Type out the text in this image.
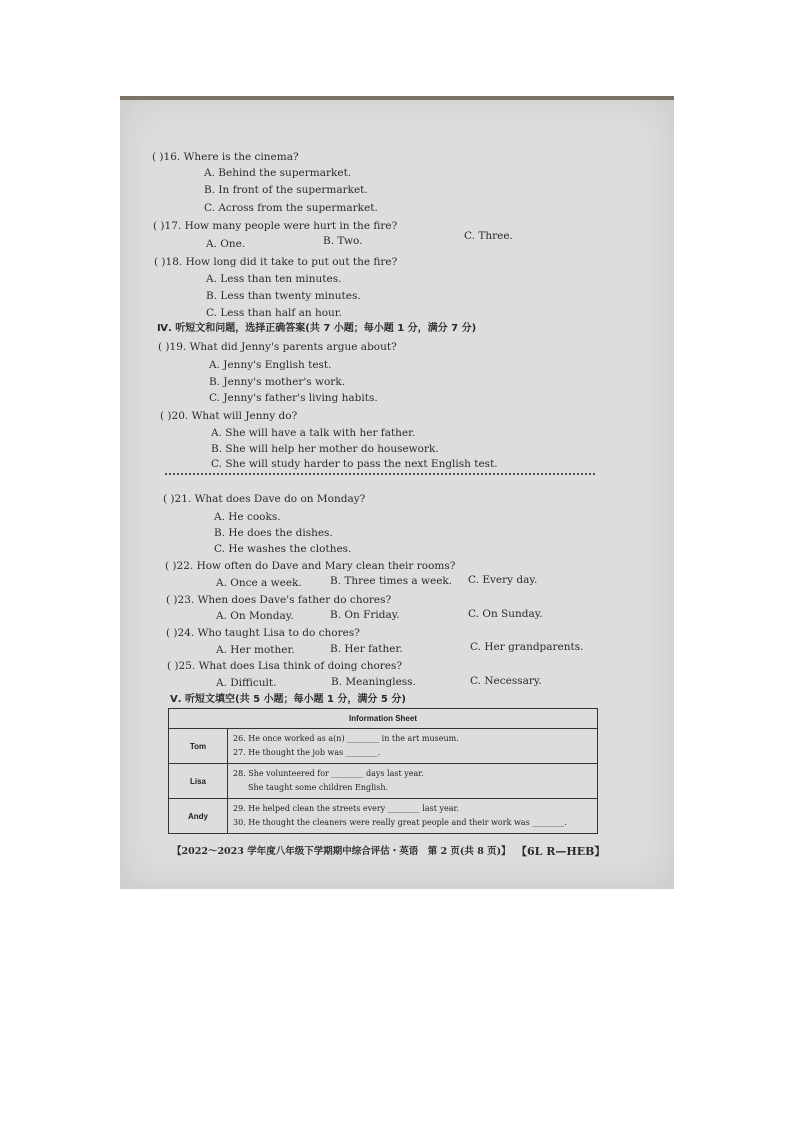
( )16. Where is the cinema?
A. Behind the supermarket.
B. In front of the supermarket.
C. Across from the supermarket.
( )17. How many people were hurt in the fire?
A. One.	B. Two.	C. Three.
( )18. How long did it take to put out the fire?
A. Less than ten minutes.
B. Less than twenty minutes.
C. Less than half an hour.
Ⅳ. 听短文和问题，选择正确答案(共 7 小题；每小题 1 分，满分 7 分)
( )19. What did Jenny's parents argue about?
A. Jenny's English test.
B. Jenny's mother's work.
C. Jenny's father's living habits.
( )20. What will Jenny do?
A. She will have a talk with her father.
B. She will help her mother do housework.
C. She will study harder to pass the next English test.
( )21. What does Dave do on Monday?
A. He cooks.
B. He does the dishes.
C. He washes the clothes.
( )22. How often do Dave and Mary clean their rooms?
A. Once a week.	B. Three times a week. C. Every day.
( )23. When does Dave's father do chores?
A. On Monday.	B. On Friday.	C. On Sunday.
( )24. Who taught Lisa to do chores?
A. Her mother.	B. Her father.	C. Her grandparents.
( )25. What does Lisa think of doing chores?
A. Difficult.	B. Meaningless.	C. Necessary.
Ⅴ. 听短文填空(共 5 小题；每小题 1 分，满分 5 分)
Information Sheet	
Tom	26. He once worked as a(n) ________ in the art museum.
27. He thought the job was ________.

Lisa	28. She volunteered for ________ days last year.
She taught some children English.

Andy	29. He helped clean the streets every ________ last year.
30. He thought the cleaners were really great people and their work was ________.
【2022～2023 学年度八年级下学期期中综合评估・英语　第 2 页(共 8 页)】 【6L R—HEB】
